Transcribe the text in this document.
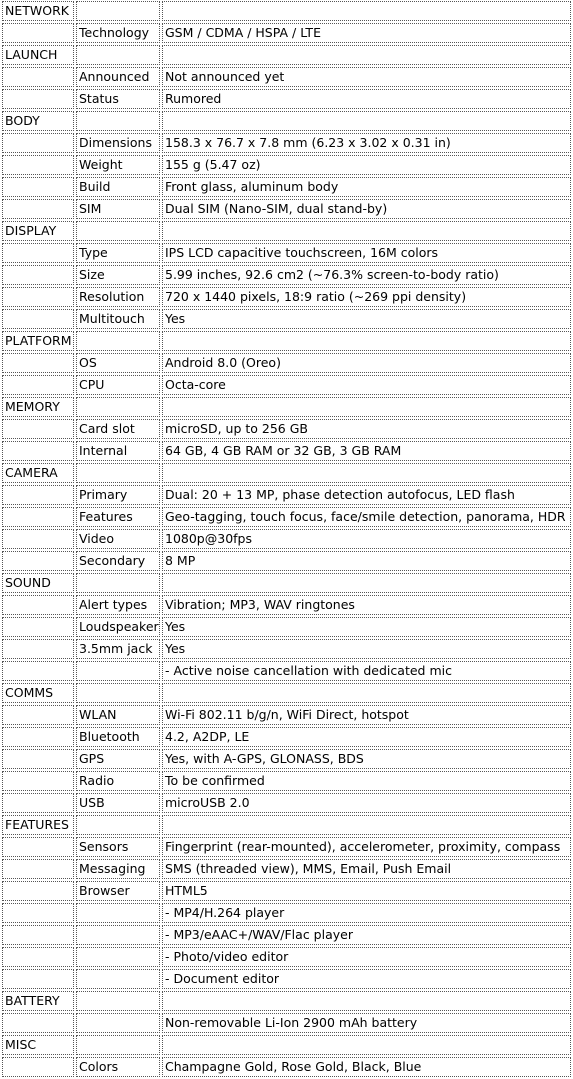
NETWORK		
	Technology	GSM / CDMA / HSPA / LTE
LAUNCH		
	Announced	Not announced yet
	Status	Rumored
BODY		
	Dimensions	158.3 x 76.7 x 7.8 mm (6.23 x 3.02 x 0.31 in)
	Weight	155 g (5.47 oz)
	Build	Front glass, aluminum body
	SIM	Dual SIM (Nano-SIM, dual stand-by)
DISPLAY		
	Type	IPS LCD capacitive touchscreen, 16M colors
	Size	5.99 inches, 92.6 cm2 (~76.3% screen-to-body ratio)
	Resolution	720 x 1440 pixels, 18:9 ratio (~269 ppi density)
	Multitouch	Yes
PLATFORM		
	OS	Android 8.0 (Oreo)
	CPU	Octa-core
MEMORY		
	Card slot	microSD, up to 256 GB
	Internal	64 GB, 4 GB RAM or 32 GB, 3 GB RAM
CAMERA		
	Primary	Dual: 20 + 13 MP, phase detection autofocus, LED flash
	Features	Geo-tagging, touch focus, face/smile detection, panorama, HDR
	Video	1080p@30fps
	Secondary	8 MP
SOUND		
	Alert types	Vibration; MP3, WAV ringtones
	Loudspeaker	Yes
	3.5mm jack	Yes
		- Active noise cancellation with dedicated mic
COMMS		
	WLAN	Wi-Fi 802.11 b/g/n, WiFi Direct, hotspot
	Bluetooth	4.2, A2DP, LE
	GPS	Yes, with A-GPS, GLONASS, BDS
	Radio	To be confirmed
	USB	microUSB 2.0
FEATURES		
	Sensors	Fingerprint (rear-mounted), accelerometer, proximity, compass
	Messaging	SMS (threaded view), MMS, Email, Push Email
	Browser	HTML5
		- MP4/H.264 player
		- MP3/eAAC+/WAV/Flac player
		- Photo/video editor
		- Document editor
BATTERY		
		Non-removable Li-Ion 2900 mAh battery
MISC		
	Colors	Champagne Gold, Rose Gold, Black, Blue
